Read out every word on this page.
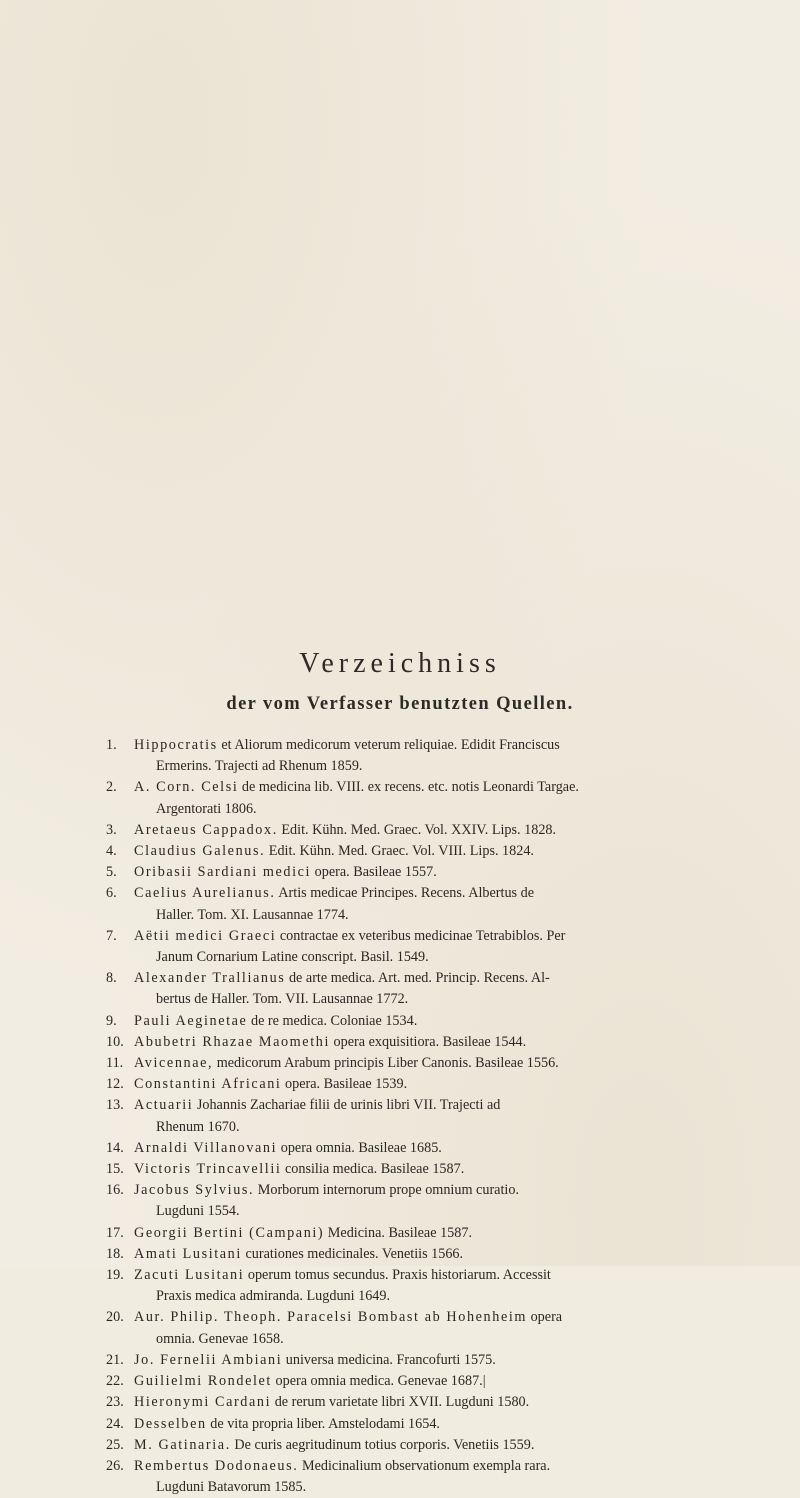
Verzeichniss
der vom Verfasser benutzten Quellen.
1.	Hippocratis et Aliorum medicorum veterum reliquiae. Edidit Franciscus
Ermerins. Trajecti ad Rhenum 1859.
2.	A. Corn. Celsi de medicina lib. VIII. ex recens. etc. notis Leonardi Targae.
Argentorati 1806.
3.	Aretaeus Cappadox. Edit. Kühn. Med. Graec. Vol. XXIV. Lips. 1828.
4.	Claudius Galenus. Edit. Kühn. Med. Graec. Vol. VIII. Lips. 1824.
5.	Oribasii Sardiani medici opera. Basileae 1557.
6.	Caelius Aurelianus. Artis medicae Principes. Recens. Albertus de
Haller. Tom. XI. Lausannae 1774.
7.	Aëtii medici Graeci contractae ex veteribus medicinae Tetrabiblos. Per
Janum Cornarium Latine conscript. Basil. 1549.
8.	Alexander Trallianus de arte medica. Art. med. Princip. Recens. Al-
bertus de Haller. Tom. VII. Lausannae 1772.
9.	Pauli Aeginetae de re medica. Coloniae 1534.
10. Abubetri Rhazae Maomethi opera exquisitiora. Basileae 1544.
11. Avicennae, medicorum Arabum principis Liber Canonis. Basileae 1556.
12. Constantini Africani opera. Basileae 1539.
13. Actuarii Johannis Zachariae filii de urinis libri VII. Trajecti ad
Rhenum 1670.
14. Arnaldi Villanovani opera omnia. Basileae 1685.
15. Victoris Trincavellii consilia medica. Basileae 1587.
16. Jacobus Sylvius. Morborum internorum prope omnium curatio.
Lugduni 1554.
17. Georgii Bertini (Campani) Medicina. Basileae 1587.
18. Amati Lusitani curationes medicinales. Venetiis 1566.
19. Zacuti Lusitani operum tomus secundus. Praxis historiarum. Accessit
Praxis medica admiranda. Lugduni 1649.
20. Aur. Philip. Theoph. Paracelsi Bombast ab Hohenheim opera
omnia. Genevae 1658.
21. Jo. Fernelii Ambiani universa medicina. Francofurti 1575.
22. Guilielmi Rondelet opera omnia medica. Genevae 1687.|
23. Hieronymi Cardani de rerum varietate libri XVII. Lugduni 1580.
24. Desselben de vita propria liber. Amstelodami 1654.
25. M. Gatinaria. De curis aegritudinum totius corporis. Venetiis 1559.
26. Rembertus Dodonaeus. Medicinalium observationum exempla rara.
Lugduni Batavorum 1585.
